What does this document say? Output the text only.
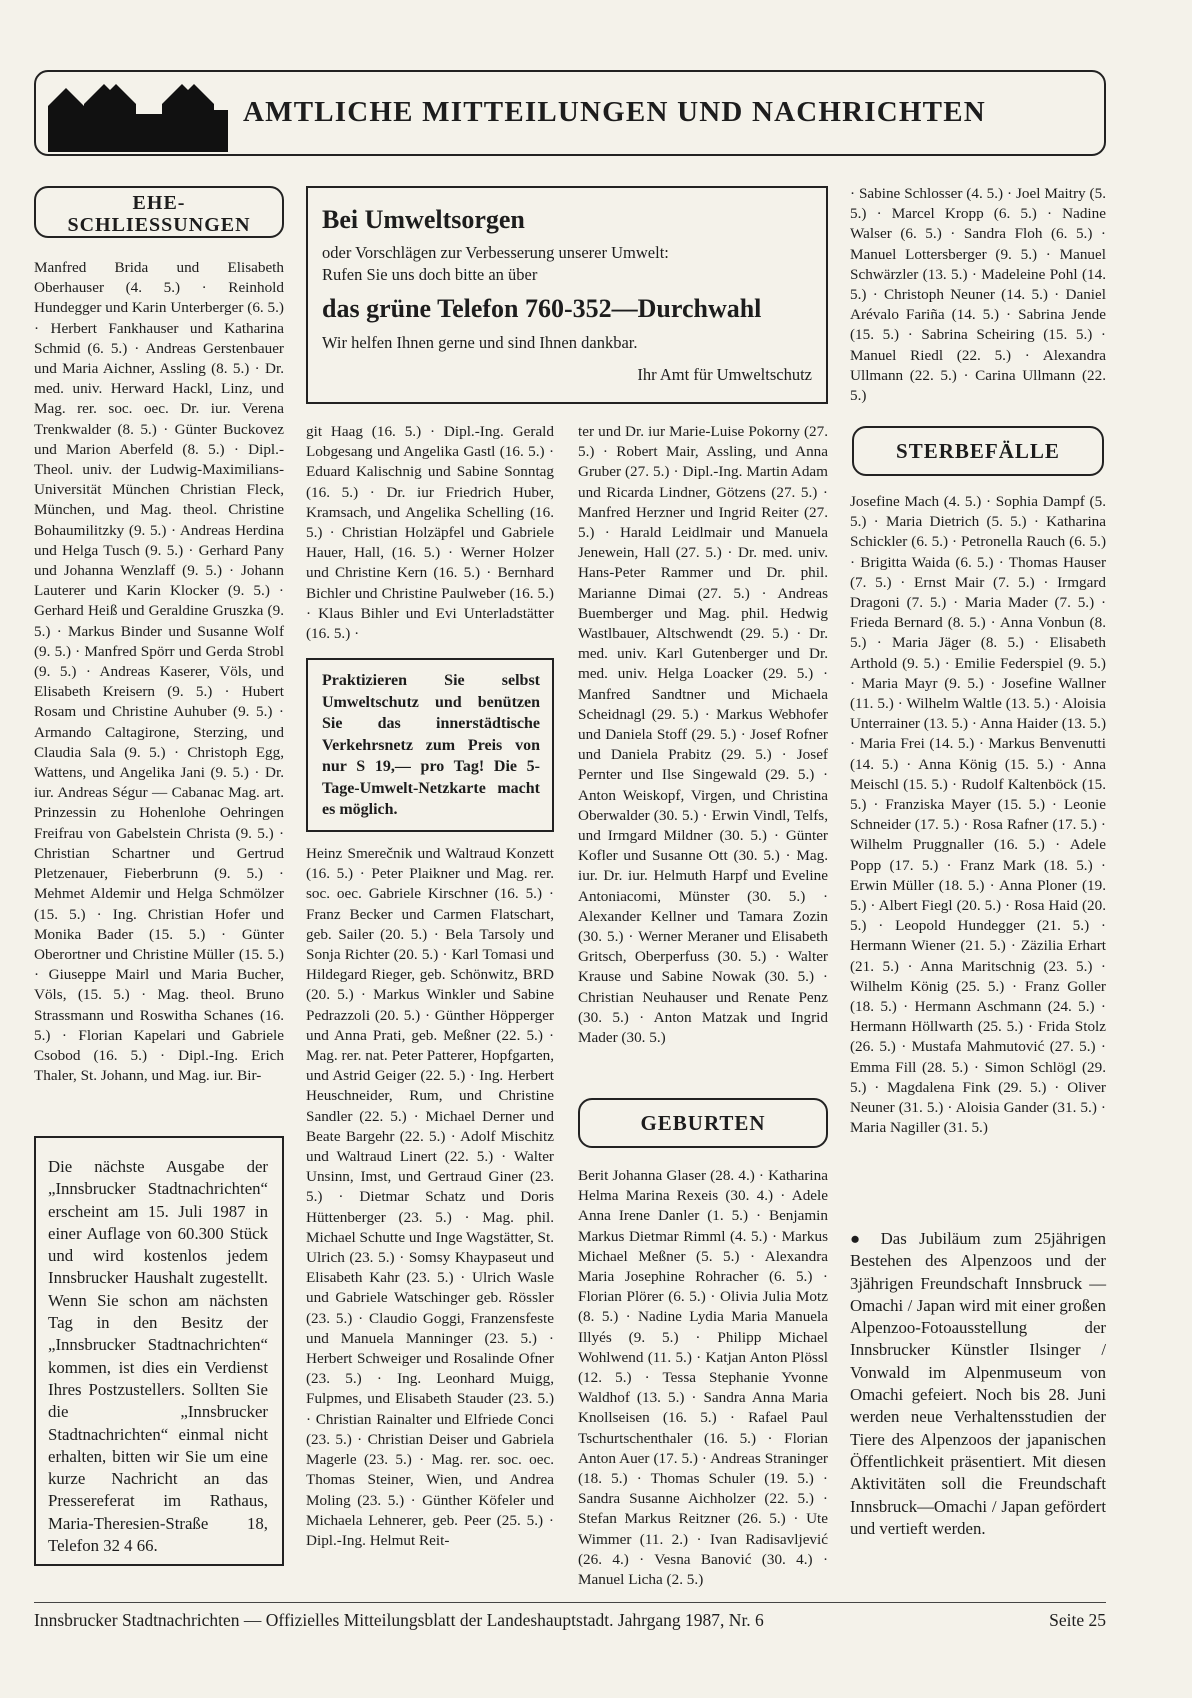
AMTLICHE MITTEILUNGEN UND NACHRICHTEN
EHE-
SCHLIESSUNGEN
Manfred Brida und Elisabeth Oberhauser (4. 5.) · Reinhold Hundegger und Karin Unterberger (6. 5.) · Herbert Fankhauser und Katharina Schmid (6. 5.) · Andreas Gerstenbauer und Maria Aichner, Assling (8. 5.) · Dr. med. univ. Herward Hackl, Linz, und Mag. rer. soc. oec. Dr. iur. Verena Trenkwalder (8. 5.) · Günter Buckovez und Marion Aberfeld (8. 5.) · Dipl.-Theol. univ. der Ludwig-Maximilians-Universität München Christian Fleck, München, und Mag. theol. Christine Bohaumilitzky (9. 5.) · Andreas Herdina und Helga Tusch (9. 5.) · Gerhard Pany und Johanna Wenzlaff (9. 5.) · Johann Lauterer und Karin Klocker (9. 5.) · Gerhard Heiß und Geraldine Gruszka (9. 5.) · Markus Binder und Susanne Wolf (9. 5.) · Manfred Spörr und Gerda Strobl (9. 5.) · Andreas Kaserer, Völs, und Elisabeth Kreisern (9. 5.) · Hubert Rosam und Christine Auhuber (9. 5.) · Armando Caltagirone, Sterzing, und Claudia Sala (9. 5.) · Christoph Egg, Wattens, und Angelika Jani (9. 5.) · Dr. iur. Andreas Ségur — Cabanac Mag. art. Prinzessin zu Hohenlohe Oehringen Freifrau von Gabelstein Christa (9. 5.) · Christian Schartner und Gertrud Pletzenauer, Fieberbrunn (9. 5.) · Mehmet Aldemir und Helga Schmölzer (15. 5.) · Ing. Christian Hofer und Monika Bader (15. 5.) · Günter Oberortner und Christine Müller (15. 5.) · Giuseppe Mairl und Maria Bucher, Völs, (15. 5.) · Mag. theol. Bruno Strassmann und Roswitha Schanes (16. 5.) · Florian Kapelari und Gabriele Csobod (16. 5.) · Dipl.-Ing. Erich Thaler, St. Johann, und Mag. iur. Bir-
Die nächste Ausgabe der „Innsbrucker Stadtnachrichten“ erscheint am 15. Juli 1987 in einer Auflage von 60.300 Stück und wird kostenlos jedem Innsbrucker Haushalt zugestellt. Wenn Sie schon am nächsten Tag in den Besitz der „Innsbrucker Stadtnachrichten“ kommen, ist dies ein Verdienst Ihres Postzustellers. Sollten Sie die „Innsbrucker Stadtnachrichten“ einmal nicht erhalten, bitten wir Sie um eine kurze Nachricht an das Pressereferat im Rathaus, Maria-Theresien-Straße 18, Telefon 32 4 66.
Bei Umweltsorgen
oder Vorschlägen zur Verbesserung unserer Umwelt:
Rufen Sie uns doch bitte an über
das grüne Telefon 760-352—Durchwahl
Wir helfen Ihnen gerne und sind Ihnen dankbar.
Ihr Amt für Umweltschutz
git Haag (16. 5.) · Dipl.-Ing. Gerald Lobgesang und Angelika Gastl (16. 5.) · Eduard Kalischnig und Sabine Sonntag (16. 5.) · Dr. iur Friedrich Huber, Kramsach, und Angelika Schelling (16. 5.) · Christian Holzäpfel und Gabriele Hauer, Hall, (16. 5.) · Werner Holzer und Christine Kern (16. 5.) · Bernhard Bichler und Christine Paulweber (16. 5.) · Klaus Bihler und Evi Unterladstätter (16. 5.) ·
Praktizieren Sie selbst Umweltschutz und benützen Sie das innerstädtische Verkehrsnetz zum Preis von nur S 19,— pro Tag! Die 5-Tage-Umwelt-Netzkarte macht es möglich.
Heinz Smerečnik und Waltraud Konzett (16. 5.) · Peter Plaikner und Mag. rer. soc. oec. Gabriele Kirschner (16. 5.) · Franz Becker und Carmen Flatschart, geb. Sailer (20. 5.) · Bela Tarsoly und Sonja Richter (20. 5.) · Karl Tomasi und Hildegard Rieger, geb. Schönwitz, BRD (20. 5.) · Markus Winkler und Sabine Pedrazzoli (20. 5.) · Günther Höpperger und Anna Prati, geb. Meßner (22. 5.) · Mag. rer. nat. Peter Patterer, Hopfgarten, und Astrid Geiger (22. 5.) · Ing. Herbert Heuschneider, Rum, und Christine Sandler (22. 5.) · Michael Derner und Beate Bargehr (22. 5.) · Adolf Mischitz und Waltraud Linert (22. 5.) · Walter Unsinn, Imst, und Gertraud Giner (23. 5.) · Dietmar Schatz und Doris Hüttenberger (23. 5.) · Mag. phil. Michael Schutte und Inge Wagstätter, St. Ulrich (23. 5.) · Somsy Khaypaseut und Elisabeth Kahr (23. 5.) · Ulrich Wasle und Gabriele Watschinger geb. Rössler (23. 5.) · Claudio Goggi, Franzensfeste und Manuela Manninger (23. 5.) · Herbert Schweiger und Rosalinde Ofner (23. 5.) · Ing. Leonhard Muigg, Fulpmes, und Elisabeth Stauder (23. 5.) · Christian Rainalter und Elfriede Conci (23. 5.) · Christian Deiser und Gabriela Magerle (23. 5.) · Mag. rer. soc. oec. Thomas Steiner, Wien, und Andrea Moling (23. 5.) · Günther Köfeler und Michaela Lehnerer, geb. Peer (25. 5.) · Dipl.-Ing. Helmut Reit-
ter und Dr. iur Marie-Luise Pokorny (27. 5.) · Robert Mair, Assling, und Anna Gruber (27. 5.) · Dipl.-Ing. Martin Adam und Ricarda Lindner, Götzens (27. 5.) · Manfred Herzner und Ingrid Reiter (27. 5.) · Harald Leidlmair und Manuela Jenewein, Hall (27. 5.) · Dr. med. univ. Hans-Peter Rammer und Dr. phil. Marianne Dimai (27. 5.) · Andreas Buemberger und Mag. phil. Hedwig Wastlbauer, Altschwendt (29. 5.) · Dr. med. univ. Karl Gutenberger und Dr. med. univ. Helga Loacker (29. 5.) · Manfred Sandtner und Michaela Scheidnagl (29. 5.) · Markus Webhofer und Daniela Stoff (29. 5.) · Josef Rofner und Daniela Prabitz (29. 5.) · Josef Pernter und Ilse Singewald (29. 5.) · Anton Weiskopf, Virgen, und Christina Oberwalder (30. 5.) · Erwin Vindl, Telfs, und Irmgard Mildner (30. 5.) · Günter Kofler und Susanne Ott (30. 5.) · Mag. iur. Dr. iur. Helmuth Harpf und Eveline Antoniacomi, Münster (30. 5.) · Alexander Kellner und Tamara Zozin (30. 5.) · Werner Meraner und Elisabeth Gritsch, Oberperfuss (30. 5.) · Walter Krause und Sabine Nowak (30. 5.) · Christian Neuhauser und Renate Penz (30. 5.) · Anton Matzak und Ingrid Mader (30. 5.)
GEBURTEN
Berit Johanna Glaser (28. 4.) · Katharina Helma Marina Rexeis (30. 4.) · Adele Anna Irene Danler (1. 5.) · Benjamin Markus Dietmar Rimml (4. 5.) · Markus Michael Meßner (5. 5.) · Alexandra Maria Josephine Rohracher (6. 5.) · Florian Plörer (6. 5.) · Olivia Julia Motz (8. 5.) · Nadine Lydia Maria Manuela Illyés (9. 5.) · Philipp Michael Wohlwend (11. 5.) · Katjan Anton Plössl (12. 5.) · Tessa Stephanie Yvonne Waldhof (13. 5.) · Sandra Anna Maria Knollseisen (16. 5.) · Rafael Paul Tschurtschenthaler (16. 5.) · Florian Anton Auer (17. 5.) · Andreas Straninger (18. 5.) · Thomas Schuler (19. 5.) · Sandra Susanne Aichholzer (22. 5.) · Stefan Markus Reitzner (26. 5.) · Ute Wimmer (11. 2.) · Ivan Radisavljević (26. 4.) · Vesna Banović (30. 4.) · Manuel Licha (2. 5.)
· Sabine Schlosser (4. 5.) · Joel Maitry (5. 5.) · Marcel Kropp (6. 5.) · Nadine Walser (6. 5.) · Sandra Floh (6. 5.) · Manuel Lottersberger (9. 5.) · Manuel Schwärzler (13. 5.) · Madeleine Pohl (14. 5.) · Christoph Neuner (14. 5.) · Daniel Arévalo Fariña (14. 5.) · Sabrina Jende (15. 5.) · Sabrina Scheiring (15. 5.) · Manuel Riedl (22. 5.) · Alexandra Ullmann (22. 5.) · Carina Ullmann (22. 5.)
STERBEFÄLLE
Josefine Mach (4. 5.) · Sophia Dampf (5. 5.) · Maria Dietrich (5. 5.) · Katharina Schickler (6. 5.) · Petronella Rauch (6. 5.) · Brigitta Waida (6. 5.) · Thomas Hauser (7. 5.) · Ernst Mair (7. 5.) · Irmgard Dragoni (7. 5.) · Maria Mader (7. 5.) · Frieda Bernard (8. 5.) · Anna Vonbun (8. 5.) · Maria Jäger (8. 5.) · Elisabeth Arthold (9. 5.) · Emilie Federspiel (9. 5.) · Maria Mayr (9. 5.) · Josefine Wallner (11. 5.) · Wilhelm Waltle (13. 5.) · Aloisia Unterrainer (13. 5.) · Anna Haider (13. 5.) · Maria Frei (14. 5.) · Markus Benvenutti (14. 5.) · Anna König (15. 5.) · Anna Meischl (15. 5.) · Rudolf Kaltenböck (15. 5.) · Franziska Mayer (15. 5.) · Leonie Schneider (17. 5.) · Rosa Rafner (17. 5.) · Wilhelm Pruggnaller (16. 5.) · Adele Popp (17. 5.) · Franz Mark (18. 5.) · Erwin Müller (18. 5.) · Anna Ploner (19. 5.) · Albert Fiegl (20. 5.) · Rosa Haid (20. 5.) · Leopold Hundegger (21. 5.) · Hermann Wiener (21. 5.) · Zäzilia Erhart (21. 5.) · Anna Maritschnig (23. 5.) · Wilhelm König (25. 5.) · Franz Goller (18. 5.) · Hermann Aschmann (24. 5.) · Hermann Höllwarth (25. 5.) · Frida Stolz (26. 5.) · Mustafa Mahmutović (27. 5.) · Emma Fill (28. 5.) · Simon Schlögl (29. 5.) · Magdalena Fink (29. 5.) · Oliver Neuner (31. 5.) · Aloisia Gander (31. 5.) · Maria Nagiller (31. 5.)
● Das Jubiläum zum 25jährigen Bestehen des Alpenzoos und der 3jährigen Freundschaft Innsbruck — Omachi / Japan wird mit einer großen Alpenzoo-Fotoausstellung der Innsbrucker Künstler Ilsinger / Vonwald im Alpenmuseum von Omachi gefeiert. Noch bis 28. Juni werden neue Verhaltensstudien der Tiere des Alpenzoos der japanischen Öffentlichkeit präsentiert. Mit diesen Aktivitäten soll die Freundschaft Innsbruck—Omachi / Japan gefördert und vertieft werden.
Innsbrucker Stadtnachrichten — Offizielles Mitteilungsblatt der Landeshauptstadt. Jahrgang 1987, Nr. 6	Seite 25
